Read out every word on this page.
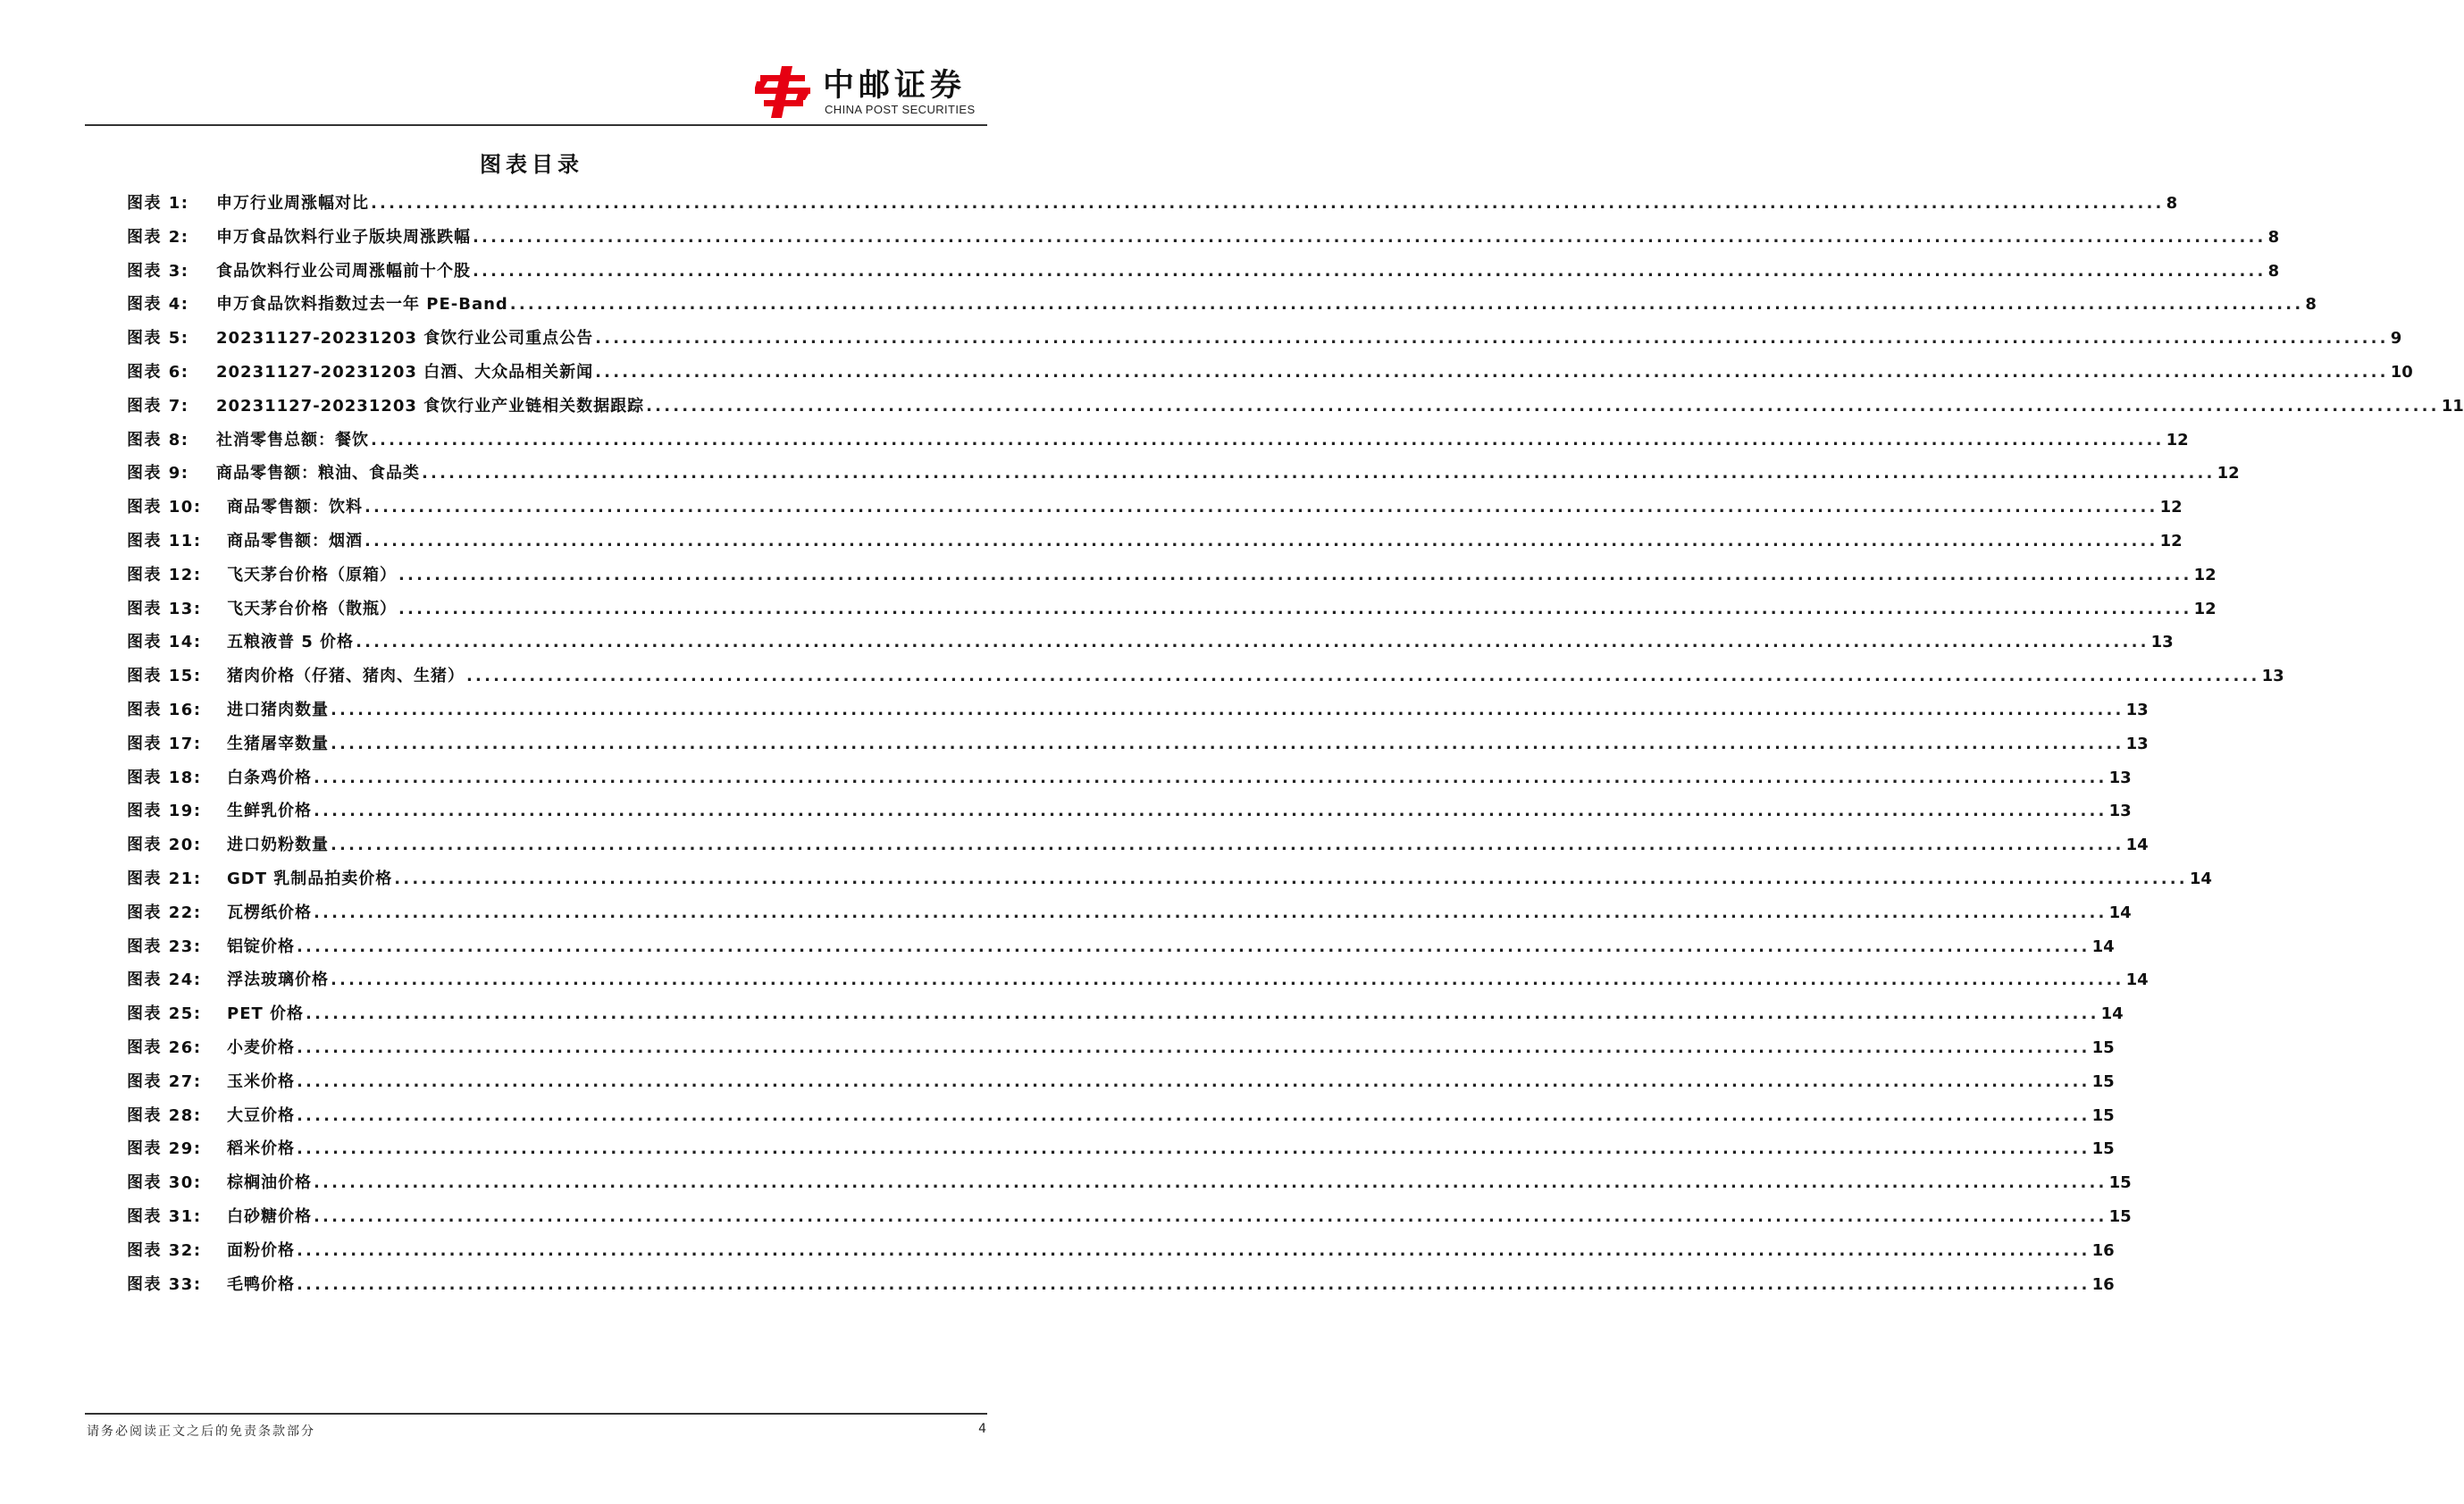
中邮证券
CHINA POST SECURITIES
图表目录
图表 1:	申万行业周涨幅对比 ........................................................................................................................................................................................................ 8
图表 2:	申万食品饮料行业子版块周涨跌幅 ........................................................................................................................................................................................................ 8
图表 3:	食品饮料行业公司周涨幅前十个股 ........................................................................................................................................................................................................ 8
图表 4:	申万食品饮料指数过去一年 PE-Band ........................................................................................................................................................................................................ 8
图表 5:	20231127-20231203 食饮行业公司重点公告 ........................................................................................................................................................................................................ 9
图表 6:	20231127-20231203 白酒、大众品相关新闻 ........................................................................................................................................................................................................ 10
图表 7:	20231127-20231203 食饮行业产业链相关数据跟踪 ........................................................................................................................................................................................................ 11
图表 8:	社消零售总额：餐饮 ........................................................................................................................................................................................................ 12
图表 9:	商品零售额：粮油、食品类 ........................................................................................................................................................................................................ 12
图表 10:	商品零售额：饮料 ........................................................................................................................................................................................................ 12
图表 11:	商品零售额：烟酒 ........................................................................................................................................................................................................ 12
图表 12:	飞天茅台价格（原箱） ........................................................................................................................................................................................................ 12
图表 13:	飞天茅台价格（散瓶） ........................................................................................................................................................................................................ 12
图表 14:	五粮液普 5 价格 ........................................................................................................................................................................................................ 13
图表 15:	猪肉价格（仔猪、猪肉、生猪） ........................................................................................................................................................................................................ 13
图表 16:	进口猪肉数量 ........................................................................................................................................................................................................ 13
图表 17:	生猪屠宰数量 ........................................................................................................................................................................................................ 13
图表 18:	白条鸡价格 ........................................................................................................................................................................................................ 13
图表 19:	生鲜乳价格 ........................................................................................................................................................................................................ 13
图表 20:	进口奶粉数量 ........................................................................................................................................................................................................ 14
图表 21:	GDT 乳制品拍卖价格 ........................................................................................................................................................................................................ 14
图表 22:	瓦楞纸价格 ........................................................................................................................................................................................................ 14
图表 23:	铝锭价格 ........................................................................................................................................................................................................ 14
图表 24:	浮法玻璃价格 ........................................................................................................................................................................................................ 14
图表 25:	PET 价格 ........................................................................................................................................................................................................ 14
图表 26:	小麦价格 ........................................................................................................................................................................................................ 15
图表 27:	玉米价格 ........................................................................................................................................................................................................ 15
图表 28:	大豆价格 ........................................................................................................................................................................................................ 15
图表 29:	稻米价格 ........................................................................................................................................................................................................ 15
图表 30:	棕榈油价格 ........................................................................................................................................................................................................ 15
图表 31:	白砂糖价格 ........................................................................................................................................................................................................ 15
图表 32:	面粉价格 ........................................................................................................................................................................................................ 16
图表 33:	毛鸭价格 ........................................................................................................................................................................................................ 16
请务必阅读正文之后的免责条款部分	4
